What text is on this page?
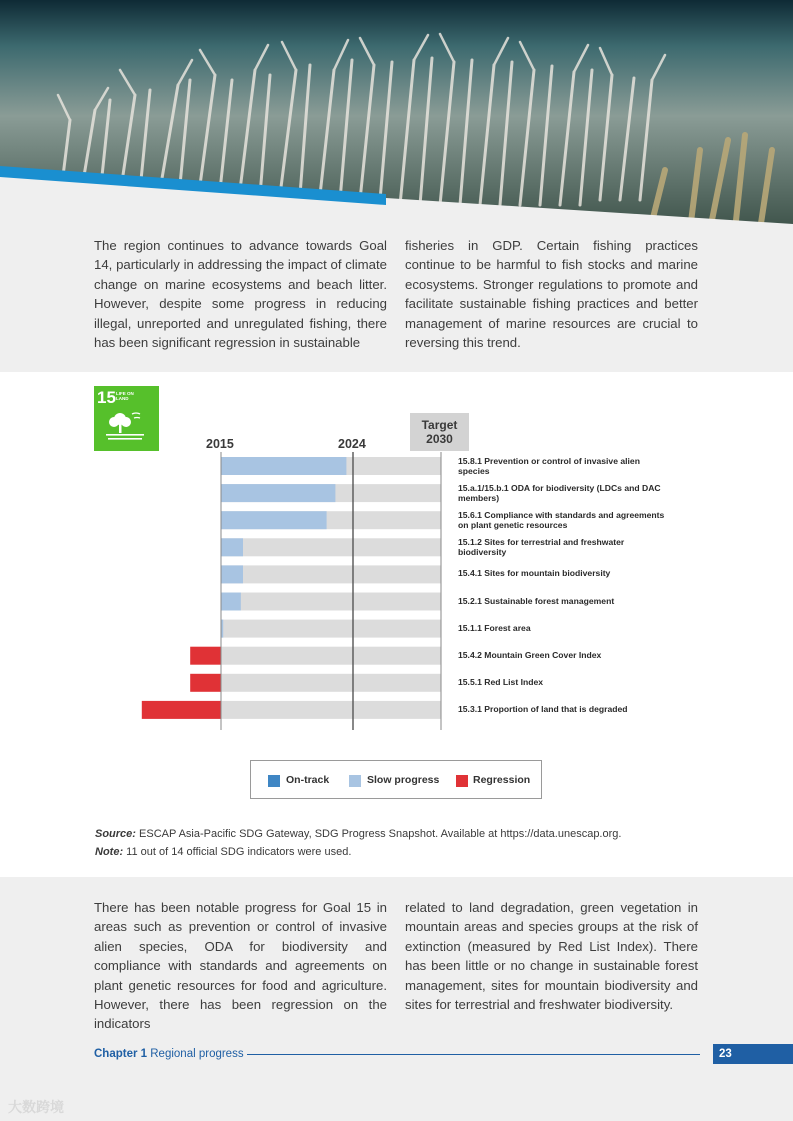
The region continues to advance towards Goal 14, particularly in addressing the impact of climate change on marine ecosystems and beach litter. However, despite some progress in reducing illegal, unreported and unregulated fishing, there has been significant regression in sustainable

fisheries in GDP. Certain fishing practices continue to be harmful to fish stocks and marine ecosystems. Stronger regulations to promote and facilitate sustainable fishing practices and better management of marine resources are crucial to reversing this trend.

15 LIFE ON LAND
2015	2024
Target 2030
15.8.1 Prevention or control of invasive alien species
15.a.1/15.b.1 ODA for biodiversity (LDCs and DAC members)
15.6.1 Compliance with standards and agreements on plant genetic resources
15.1.2 Sites for terrestrial and freshwater biodiversity
15.4.1 Sites for mountain biodiversity
15.2.1 Sustainable forest management
15.1.1 Forest area
15.4.2 Mountain Green Cover Index
15.5.1 Red List Index
15.3.1 Proportion of land that is degraded
On-track	Slow progress	Regression
Source: ESCAP Asia-Pacific SDG Gateway, SDG Progress Snapshot. Available at https://data.unescap.org.
Note: 11 out of 14 official SDG indicators were used.

There has been notable progress for Goal 15 in areas such as prevention or control of invasive alien species, ODA for biodiversity and compliance with standards and agreements on plant genetic resources for food and agriculture. However, there has been regression on the indicators

related to land degradation, green vegetation in mountain areas and species groups at the risk of extinction (measured by Red List Index). There has been little or no change in sustainable forest management, sites for mountain biodiversity and sites for terrestrial and freshwater biodiversity.

Chapter 1 Regional progress	23
大数跨境
